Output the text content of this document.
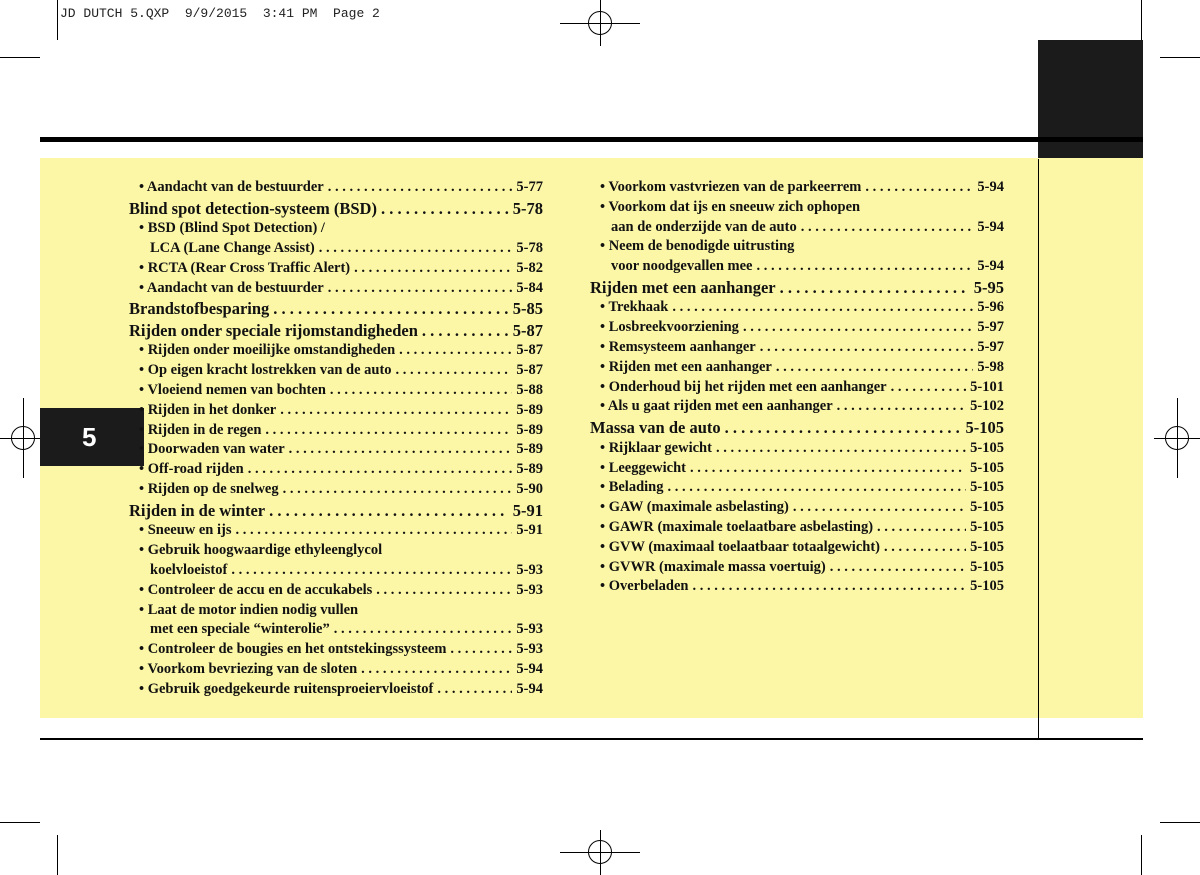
JD DUTCH 5.QXP  9/9/2015  3:41 PM  Page 2
5
• Aandacht van de bestuurder . . .	5-77
Blind spot detection-systeem (BSD) . . .	5-78
• BSD (Blind Spot Detection) /
LCA (Lane Change Assist) . . .	5-78
• RCTA (Rear Cross Traffic Alert) . . .	5-82
• Aandacht van de bestuurder . . .	5-84
Brandstofbesparing . . .	5-85
Rijden onder speciale rijomstandigheden . . .	5-87
• Rijden onder moeilijke omstandigheden . . .	5-87
• Op eigen kracht lostrekken van de auto . . .	5-87
• Vloeiend nemen van bochten . . .	5-88
• Rijden in het donker . . .	5-89
• Rijden in de regen . . .	5-89
• Doorwaden van water . . .	5-89
• Off-road rijden . . .	5-89
• Rijden op de snelweg . . .	5-90
Rijden in de winter . . .	5-91
• Sneeuw en ijs . . .	5-91
• Gebruik hoogwaardige ethyleenglycol
koelvloeistof . . .	5-93
• Controleer de accu en de accukabels . . .	5-93
• Laat de motor indien nodig vullen
met een speciale “winterolie” . . .	5-93
• Controleer de bougies en het ontstekingssysteem . . .	5-93
• Voorkom bevriezing van de sloten . . .	5-94
• Gebruik goedgekeurde ruitensproeiervloeistof . . .	5-94
• Voorkom vastvriezen van de parkeerrem . . .	5-94
• Voorkom dat ijs en sneeuw zich ophopen
aan de onderzijde van de auto . . .	5-94
• Neem de benodigde uitrusting
voor noodgevallen mee . . .	5-94
Rijden met een aanhanger . . .	5-95
• Trekhaak . . .	5-96
• Losbreekvoorziening . . .	5-97
• Remsysteem aanhanger . . .	5-97
• Rijden met een aanhanger . . .	5-98
• Onderhoud bij het rijden met een aanhanger . . .	5-101
• Als u gaat rijden met een aanhanger . . .	5-102
Massa van de auto . . .	5-105
• Rijklaar gewicht . . .	5-105
• Leeggewicht . . .	5-105
• Belading . . .	5-105
• GAW (maximale asbelasting) . . .	5-105
• GAWR (maximale toelaatbare asbelasting) . . .	5-105
• GVW (maximaal toelaatbaar totaalgewicht) . . .	5-105
• GVWR (maximale massa voertuig) . . .	5-105
• Overbeladen . . .	5-105
